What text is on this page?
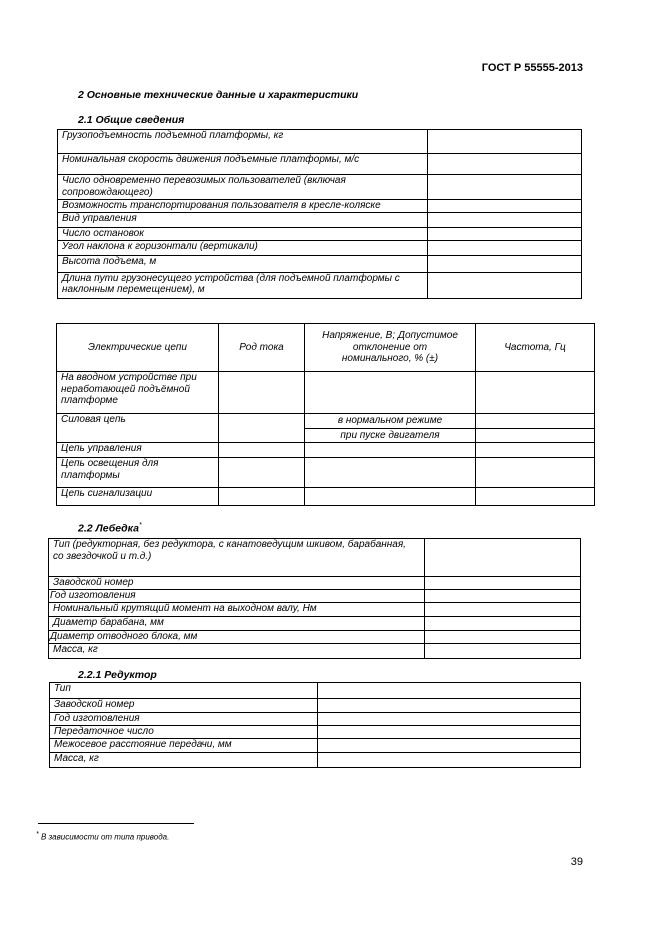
ГОСТ Р 55555-2013
2 Основные технические данные и характеристики
2.1 Общие сведения
Грузоподъемность подъемной платформы, кг	
Номинальная скорость движения подъемные платформы, м/с	
Число одновременно перевозимых пользователей (включая сопровождающего)	
Возможность транспортирования пользователя в кресле-коляске	
Вид управления	
Число остановок	
Угол наклона к горизонтали (вертикали)	
Высота подъема, м	
Длина пути грузонесущего устройства (для подъемной платформы с наклонным перемещением), м	
Электрические цепи	Род тока	Напряжение, В; Допустимое отклонение от номинального, % (±)	Частота, Гц
На вводном устройстве при неработающей подъёмной платформе			
Силовая цепь		в нормальном режиме	
		при пуске двигателя	
Цепь управления			
Цепь освещения для платформы			
Цепь сигнализации			
2.2 Лебедка*
Тип (редукторная, без редуктора, с канатоведущим шкивом, барабанная, со звездочкой и т.д.)	
Заводской номер	
Год изготовления	
Номинальный крутящий момент на выходном валу, Нм	
Диаметр барабана, мм	
Диаметр отводного блока, мм	
Масса, кг	
2.2.1 Редуктор
Тип	
Заводской номер	
Год изготовления	
Передаточное число	
Межосевое расстояние передачи, мм	
Масса, кг	
* В зависимости от типа привода.
39
